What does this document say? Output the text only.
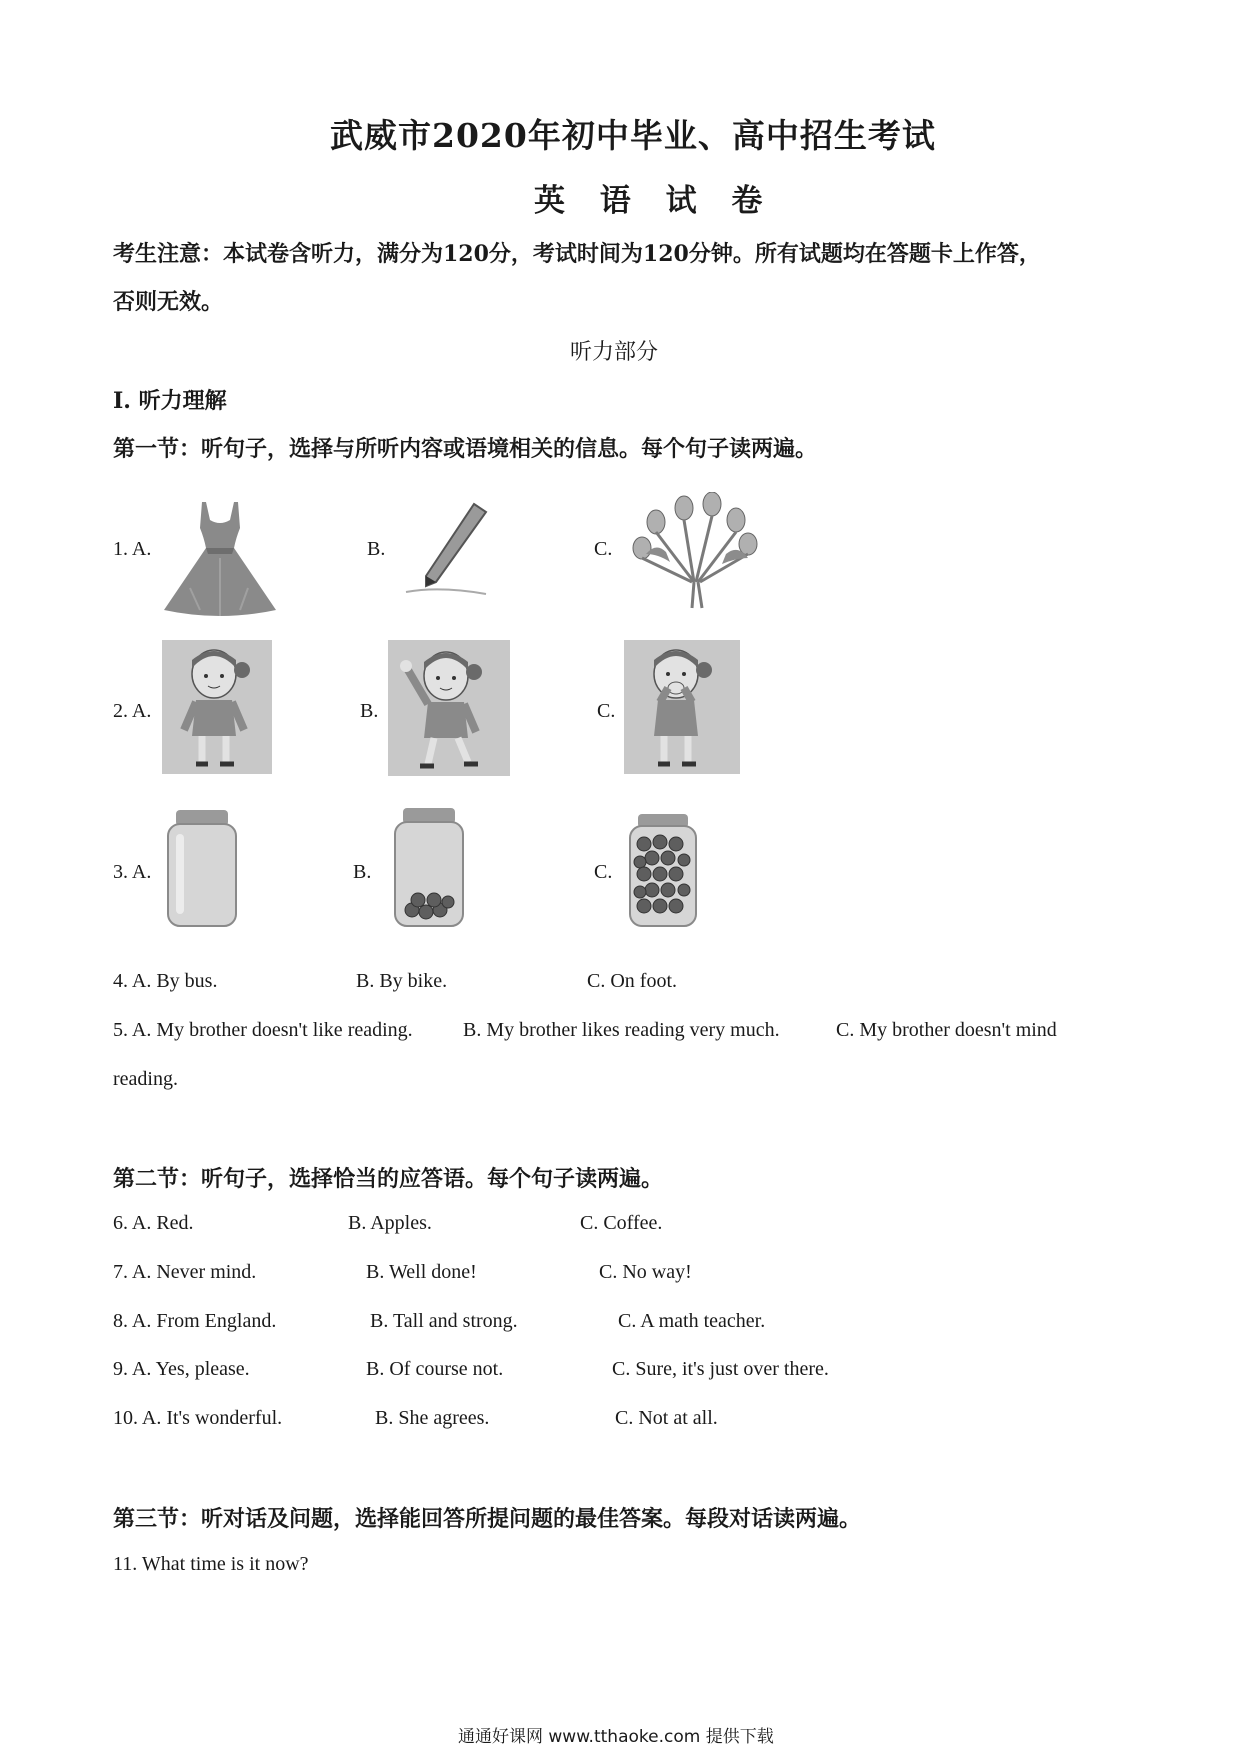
武威市2020年初中毕业、高中招生考试
英 语 试 卷
考生注意：本试卷含听力，满分为120分，考试时间为120分钟。所有试题均在答题卡上作答，
否则无效。
听力部分
I. 听力理解
第一节：听句子，选择与所听内容或语境相关的信息。每个句子读两遍。
1. A.	B.	C.
2. A.	B.	C.
3. A.	B.	C.
4. A. By bus.	B. By bike.	C. On foot.
5. A. My brother doesn't like reading.	B. My brother likes reading very much.	C. My brother doesn't mind
reading.
第二节：听句子，选择恰当的应答语。每个句子读两遍。
6. A. Red.	B. Apples.	C. Coffee.
7. A. Never mind.	B. Well done!	C. No way!
8. A. From England.	B. Tall and strong.	C. A math teacher.
9. A. Yes, please.	B. Of course not.	C. Sure, it's just over there.
10. A. It's wonderful.	B. She agrees.	C. Not at all.
第三节：听对话及问题，选择能回答所提问题的最佳答案。每段对话读两遍。
11. What time is it now?
通通好课网 www.tthaoke.com 提供下载
